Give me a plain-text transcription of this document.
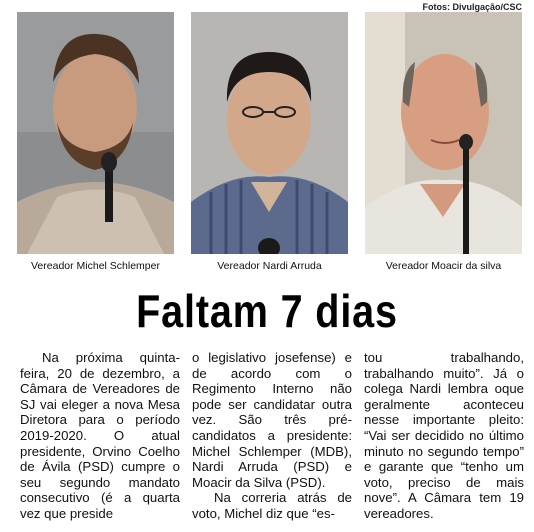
Fotos: Divulgação/CSC
Vereador Michel Schlemper	Vereador Nardi Arruda	Vereador Moacir da silva
Faltam 7 dias

Na próxima quinta-feira, 20 de dezembro, a Câmara de Vereadores de SJ vai eleger a nova Mesa Diretora para o período 2019-2020. O atual presidente, Orvino Coelho de Ávila (PSD) cumpre o seu segundo mandato consecutivo (é a quarta vez que preside

o legislativo josefense) e de acordo com o Regimento Interno não pode ser candidatar outra vez. São três pré-candidatos a presidente: Michel Schlemper (MDB), Nardi Arruda (PSD) e Moacir da Silva (PSD).

Na correria atrás de voto, Michel diz que “es-

tou trabalhando, trabalhando muito”. Já o colega Nardi lembra oque geralmente aconteceu nesse importante pleito: “Vai ser decidido no último minuto no segundo tempo” e garante que “tenho um voto, preciso de mais nove”. A Câmara tem 19 vereadores.
